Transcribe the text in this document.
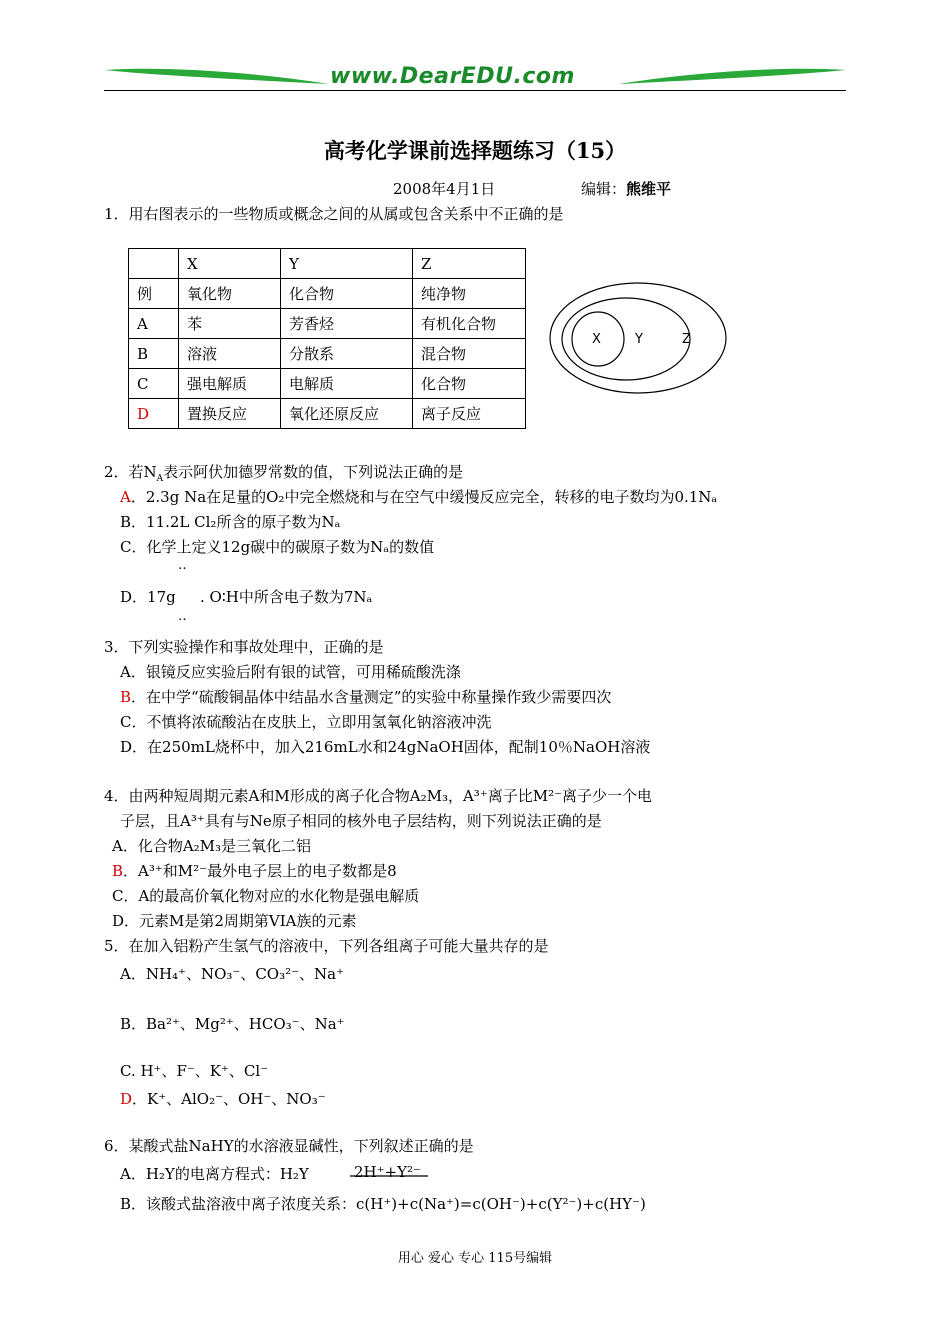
www.DearEDU.com
高考化学课前选择题练习（15）
2008年4月1日	编辑：熊维平
1．用右图表示的一些物质或概念之间的从属或包含关系中不正确的是
	X	Y	Z
例	氧化物	化合物	纯净物
A	苯	芳香烃	有机化合物
B	溶液	分散系	混合物
C	强电解质	电解质	化合物
D	置换反应	氧化还原反应	离子反应
X	Y	Z
2．若$N_A$表示阿伏加德罗常数的值，下列说法正确的是
A．2.3g Na在足量的O₂中完全燃烧和与在空气中缓慢反应完全，转移的电子数均为0.1Nₐ
B．11.2L Cl₂所含的原子数为Nₐ
C．化学上定义12g碳中的碳原子数为Nₐ的数值
‥
D．17g . O∶H中所含电子数为7Nₐ
‥
3．下列实验操作和事故处理中，正确的是
A．银镜反应实验后附有银的试管，可用稀硫酸洗涤
B．在中学“硫酸铜晶体中结晶水含量测定”的实验中称量操作致少需要四次
C．不慎将浓硫酸沾在皮肤上，立即用氢氧化钠溶液冲洗
D．在250mL烧杯中，加入216mL水和24gNaOH固体，配制10％NaOH溶液
4．由两种短周期元素A和M形成的离子化合物A₂M₃，A³⁺离子比M²⁻离子少一个电
子层，且A³⁺具有与Ne原子相同的核外电子层结构，则下列说法正确的是
A．化合物A₂M₃是三氧化二铝
B．A³⁺和M²⁻最外电子层上的电子数都是8
C．A的最高价氧化物对应的水化物是强电解质
D．元素M是第2周期第VIA族的元素
5．在加入铝粉产生氢气的溶液中，下列各组离子可能大量共存的是
A．NH₄⁺、NO₃⁻、CO₃²⁻、Na⁺
B．Ba²⁺、Mg²⁺、HCO₃⁻、Na⁺
C. H⁺、F⁻、K⁺、Cl⁻
D．K⁺、AlO₂⁻、OH⁻、NO₃⁻
6．某酸式盐NaHY的水溶液显碱性，下列叙述正确的是
A．H₂Y的电离方程式：H₂Y	2H⁺+Y²⁻
B．该酸式盐溶液中离子浓度关系：c(H⁺)+c(Na⁺)=c(OH⁻)+c(Y²⁻)+c(HY⁻)
用心 爱心 专心 115号编辑
